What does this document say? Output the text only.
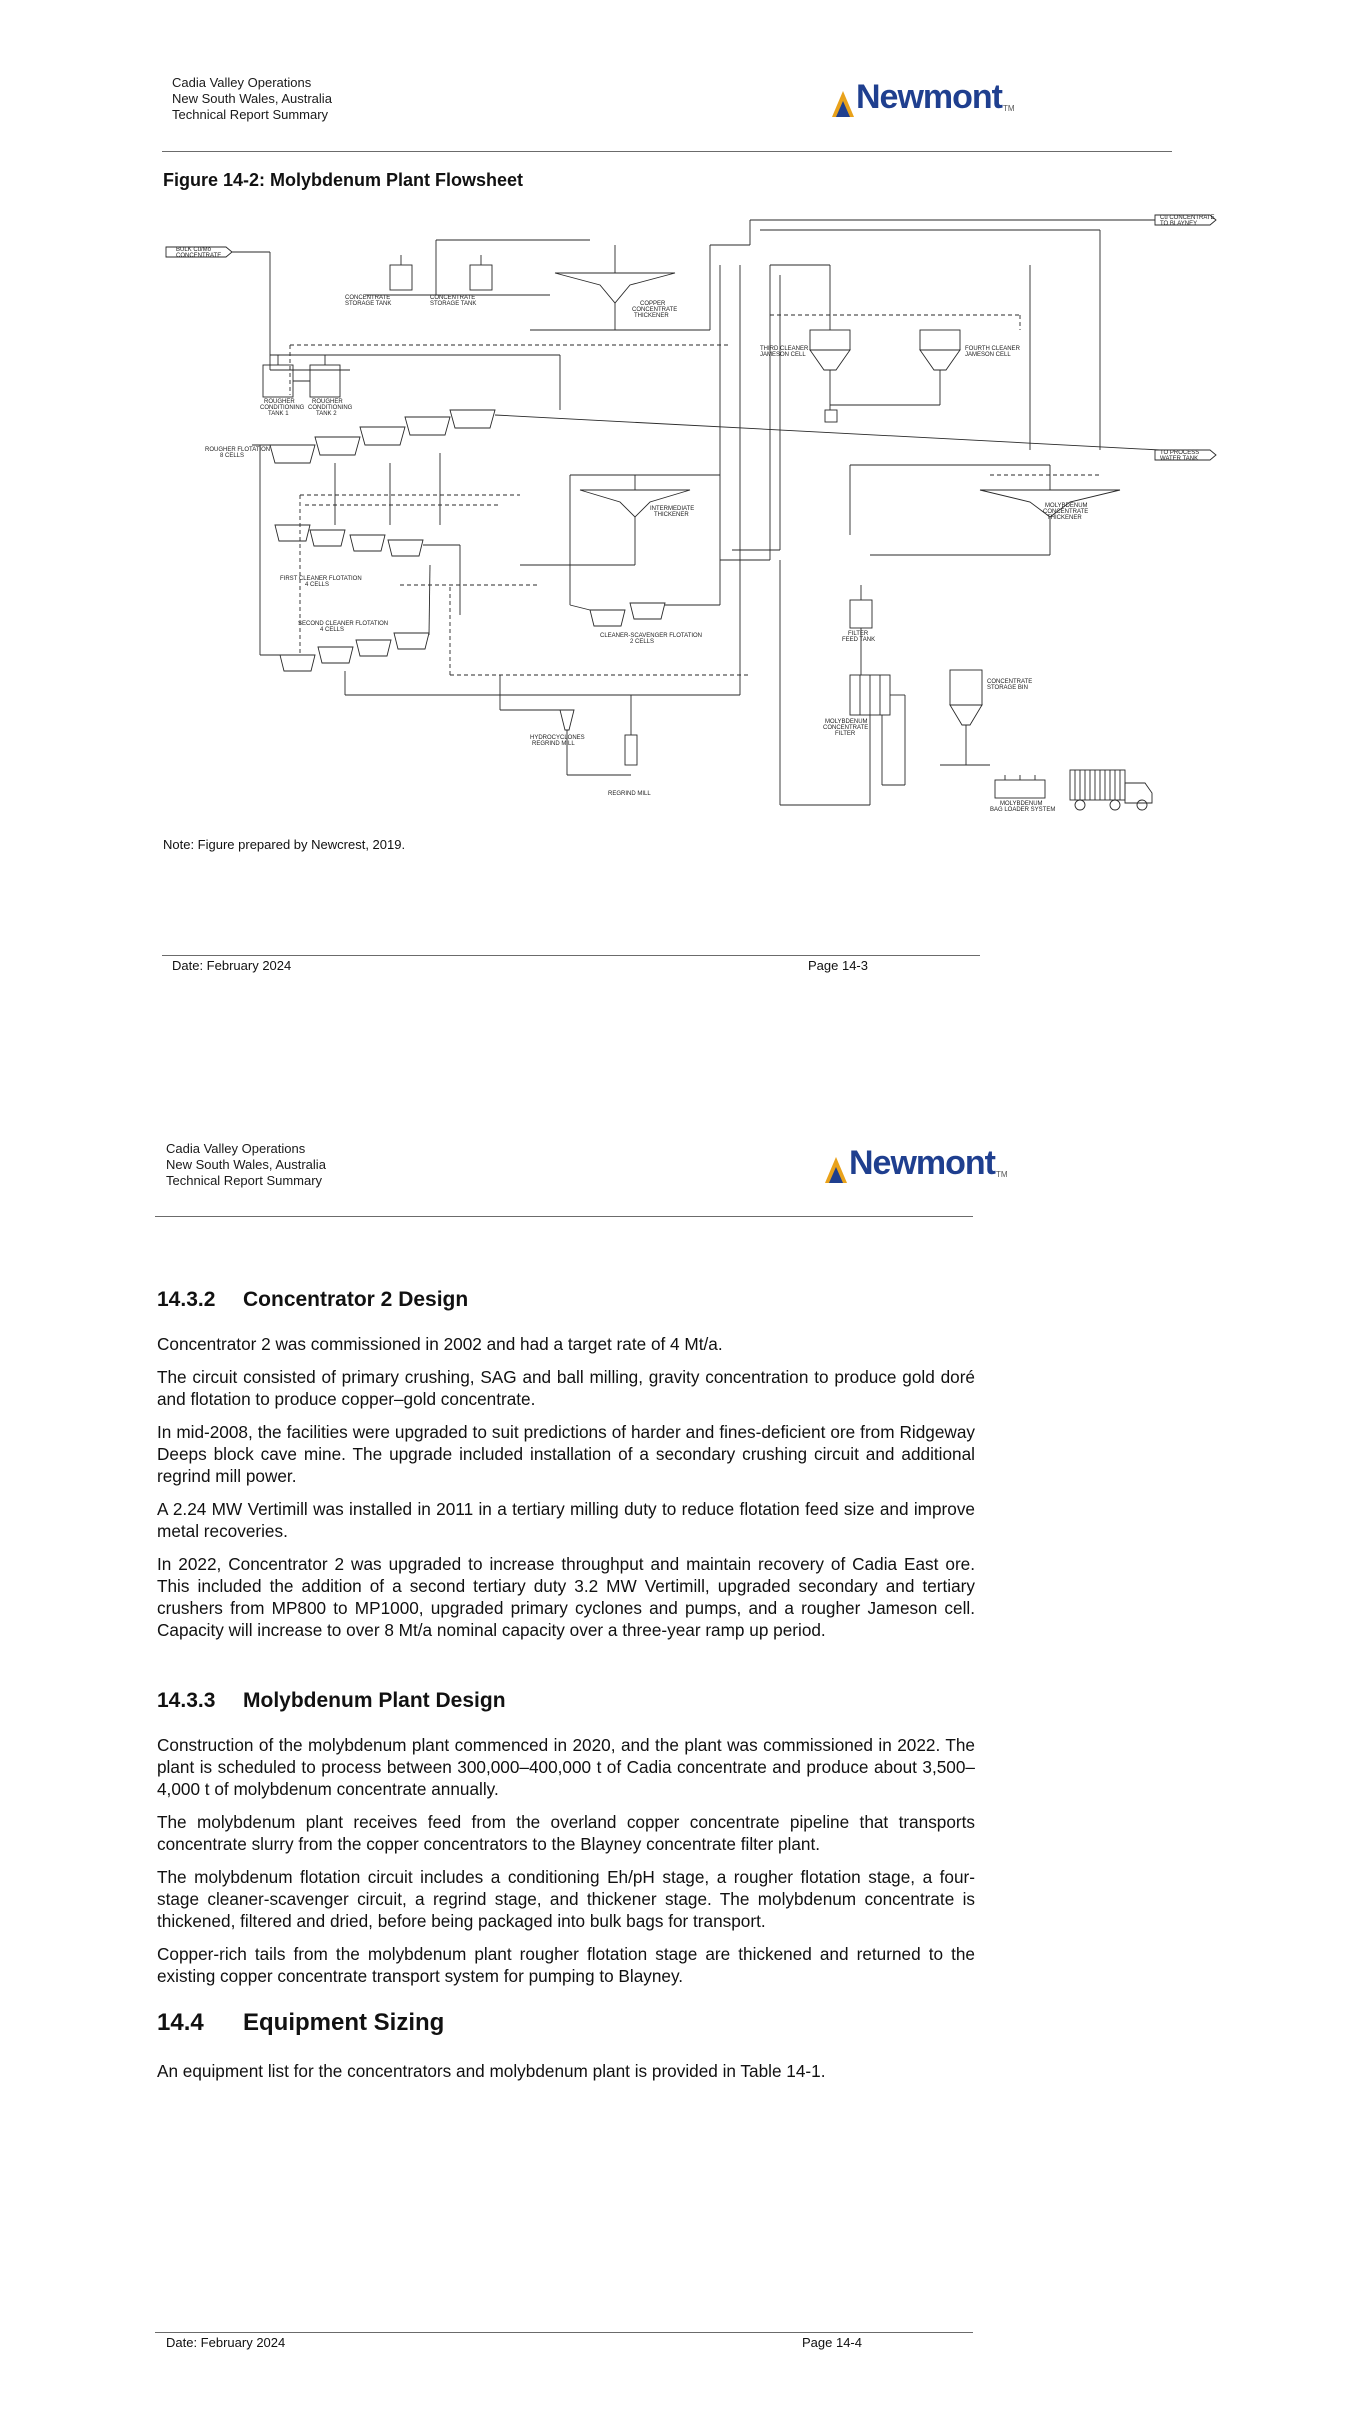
Cadia Valley Operations
New South Wales, Australia
Technical Report Summary	Newmont TM
Figure 14-2: Molybdenum Plant Flowsheet
BULK Cu/Mo
CONCENTRATE
CONCENTRATE
STORAGE TANK
CONCENTRATE
STORAGE TANK	COPPER
CONCENTRATE
THICKENER
Cu CONCENTRATE
TO BLAYNEY
THIRD CLEANER
JAMESON CELL
FOURTH CLEANER
JAMESON CELL
ROUGHER
CONDITIONING
TANK 1
ROUGHER
CONDITIONING
TANK 2
ROUGHER FLOTATION
8 CELLS	TO PROCESS
WATER TANK
INTERMEDIATE
THICKENER
MOLYBDENUM
CONCENTRATE
THICKENER
FIRST CLEANER FLOTATION
4 CELLS
SECOND CLEANER FLOTATION
4 CELLS
CLEANER-SCAVENGER FLOTATION
2 CELLS
FILTER
FEED TANK
CONCENTRATE
STORAGE BIN
MOLYBDENUM
CONCENTRATE
FILTER
HYDROCYCLONES
REGRIND MILL
REGRIND MILL
MOLYBDENUM
BAG LOADER SYSTEM
Note: Figure prepared by Newcrest, 2019.
Date: February 2024	Page 14-3
Cadia Valley Operations
New South Wales, Australia
Technical Report Summary	Newmont TM
14.3.2 Concentrator 2 Design
Concentrator 2 was commissioned in 2002 and had a target rate of 4 Mt/a.
The circuit consisted of primary crushing, SAG and ball milling, gravity concentration to produce gold doré and flotation to produce copper–gold concentrate.
In mid-2008, the facilities were upgraded to suit predictions of harder and fines-deficient ore from Ridgeway Deeps block cave mine. The upgrade included installation of a secondary crushing circuit and additional regrind mill power.
A 2.24 MW Vertimill was installed in 2011 in a tertiary milling duty to reduce flotation feed size and improve metal recoveries.
In 2022, Concentrator 2 was upgraded to increase throughput and maintain recovery of Cadia East ore. This included the addition of a second tertiary duty 3.2 MW Vertimill, upgraded secondary and tertiary crushers from MP800 to MP1000, upgraded primary cyclones and pumps, and a rougher Jameson cell. Capacity will increase to over 8 Mt/a nominal capacity over a three-year ramp up period.
14.3.3 Molybdenum Plant Design
Construction of the molybdenum plant commenced in 2020, and the plant was commissioned in 2022. The plant is scheduled to process between 300,000–400,000 t of Cadia concentrate and produce about 3,500–4,000 t of molybdenum concentrate annually.
The molybdenum plant receives feed from the overland copper concentrate pipeline that transports concentrate slurry from the copper concentrators to the Blayney concentrate filter plant.
The molybdenum flotation circuit includes a conditioning Eh/pH stage, a rougher flotation stage, a four-stage cleaner-scavenger circuit, a regrind stage, and thickener stage. The molybdenum concentrate is thickened, filtered and dried, before being packaged into bulk bags for transport.
Copper-rich tails from the molybdenum plant rougher flotation stage are thickened and returned to the existing copper concentrate transport system for pumping to Blayney.
14.4 Equipment Sizing
An equipment list for the concentrators and molybdenum plant is provided in Table 14-1.
Date: February 2024	Page 14-4
